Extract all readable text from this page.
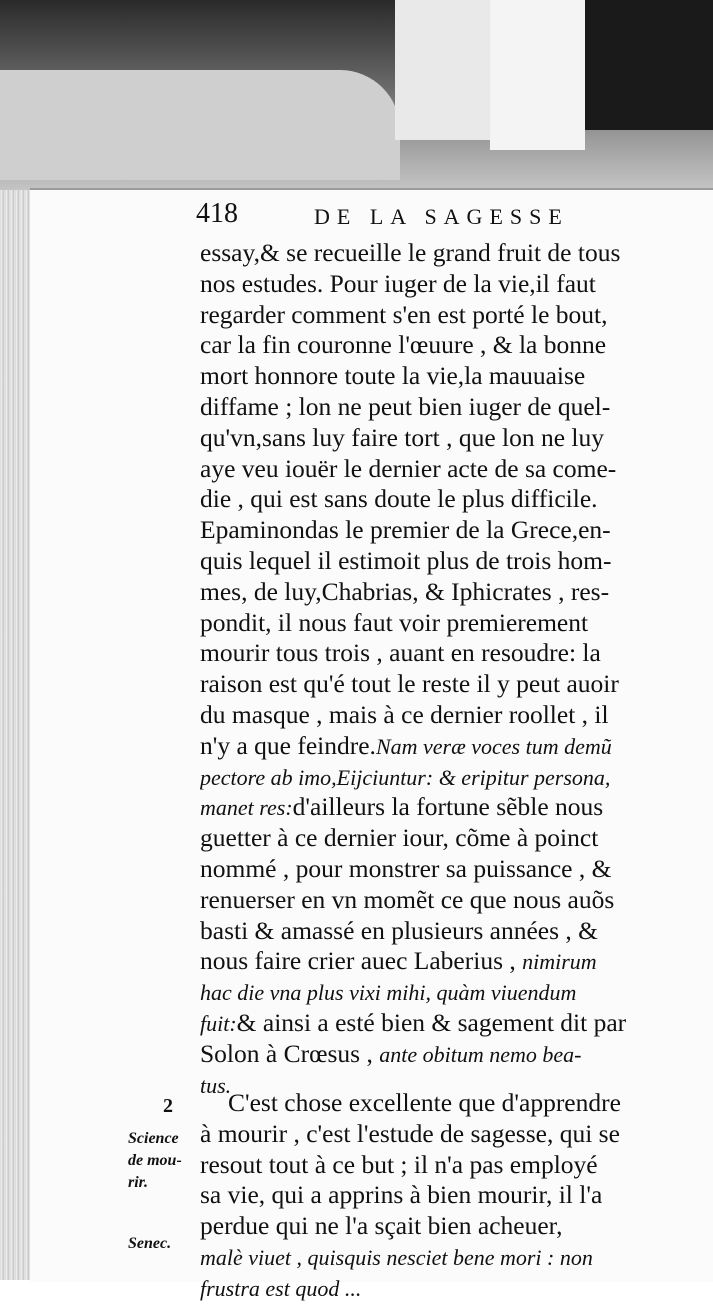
418	DE LA SAGESSE
essay,& se recueille le grand fruit de tous
nos estudes. Pour iuger de la vie,il faut
regarder comment s'en est porté le bout,
car la fin couronne l'œuure , & la bonne
mort honnore toute la vie,la mauuaise
diffame ; lon ne peut bien iuger de quel-
qu'vn,sans luy faire tort , que lon ne luy
aye veu iouër le dernier acte de sa come-
die , qui est sans doute le plus difficile.
Epaminondas le premier de la Grece,en-
quis lequel il estimoit plus de trois hom-
mes, de luy,Chabrias, & Iphicrates , res-
pondit, il nous faut voir premierement
mourir tous trois , auant en resoudre: la
raison est qu'é tout le reste il y peut auoir
du masque , mais à ce dernier roollet , il
n'y a que feindre.Nam veræ voces tum demũ
pectore ab imo,Eijciuntur: & eripitur persona,
manet res:d'ailleurs la fortune sẽble nous
guetter à ce dernier iour, cõme à poinct
nommé , pour monstrer sa puissance , &
renuerser en vn momẽt ce que nous auõs
basti & amassé en plusieurs années , &
nous faire crier auec Laberius , nimirum
hac die vna plus vixi mihi, quàm viuendum
fuit:& ainsi a esté bien & sagement dit par
Solon à Crœsus , ante obitum nemo bea-
tus.
2
Science
de mou-
rir.
Senec.
C'est chose excellente que d'apprendre
à mourir , c'est l'estude de sagesse, qui se
resout tout à ce but ; il n'a pas employé
sa vie, qui a apprins à bien mourir, il l'a
perdue qui ne l'a sçait bien acheuer,
malè viuet , quisquis nesciet bene mori : non
frustra est quod ...
